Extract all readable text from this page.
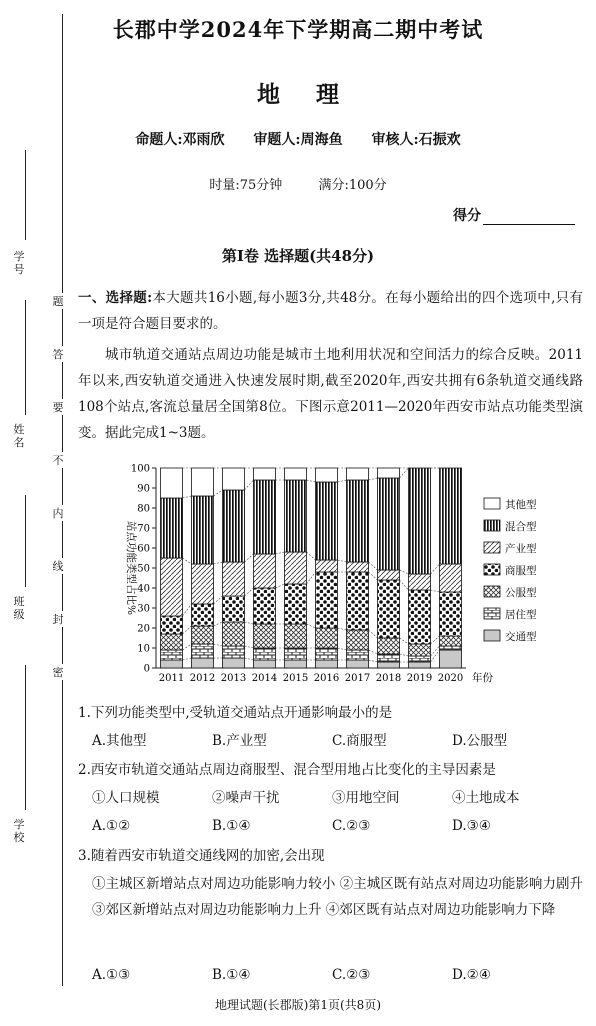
学号
姓名
班级
学校
题
答
要
不
内
线
封
密
长郡中学2024年下学期高二期中考试
地理
命题人:邓雨欣 审题人:周海鱼 审核人:石振欢
时量:75分钟	满分:100分
得分
第Ⅰ卷 选择题(共48分)
一、选择题:本大题共16小题,每小题3分,共48分。在每小题给出的四个选项中,只有一项是符合题目要求的。
城市轨道交通站点周边功能是城市土地利用状况和空间活力的综合反映。2011年以来,西安轨道交通进入快速发展时期,截至2020年,西安共拥有6条轨道交通线路108个站点,客流总量居全国第8位。下图示意2011—2020年西安市站点功能类型演变。据此完成1~3题。
0
10
20
30
40
50
60
70
80
90
100
站点功能类型占比%
2011 2012 2013 2014 2015 2016 2017 2018 2019 2020 年份
其他型
混合型
产业型
商服型
公服型
居住型
交通型
1.下列功能类型中,受轨道交通站点开通影响最小的是
A.其他型	B.产业型	C.商服型	D.公服型
2.西安市轨道交通站点周边商服型、混合型用地占比变化的主导因素是
①人口规模	②噪声干扰	③用地空间	④土地成本
A.①②	B.①④	C.②③	D.③④
3.随着西安市轨道交通线网的加密,会出现
①主城区新增站点对周边功能影响力较小 ②主城区既有站点对周边功能影响力剧升 ③郊区新增站点对周边功能影响力上升 ④郊区既有站点对周边功能影响力下降
A.①③	B.①④	C.②③	D.②④
地理试题(长郡版)第1页(共8页)
